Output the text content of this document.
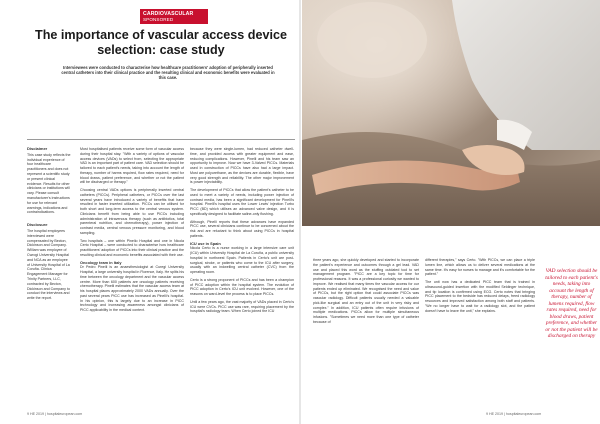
CARDIOVASCULAR
SPONSORED
The importance of vascular access device selection: case study

Interviewees were conducted to characterise how healthcare practitioners' adoption of peripherally inserted central catheters into their clinical practice and the resulting clinical and economic benefits were evaluated in this case.

Disclaimer

This case study reflects the individual experience of four healthcare practitioners and does not represent a scientific study or present clinical evidence. Results for other clinicians or institutions will vary. Please consult manufacturer's instructions for use for relevant warnings, indications and contraindications.

Disclosure

The hospital employees interviewed were compensated by Becton, Dickinson and Company. William was employee of Cwrogi University Hospital and NCA as an employee of University Hospital of La Coruña. Clinica Engagement Manager for Trinity Partners, LLC, contracted by Becton, Dickinson and Company to conduct the interviews and write the report.

Most hospitalised patients receive some form of vascular access during their hospital stay. "With a variety of options of vascular access devices (VADs) to select from, selecting the appropriate VAD is an important part of patient care. VAD selection should be tailored to each patient's needs, taking into account the length of therapy, number of harms required, flow rates required, need for blood draws, patient preference, and whether or not the patient will be discharged or therapy."

Choosing central VADs options is peripherally inserted central catheters (PICCs). Peripheral catheters, or PICCs over the last several years have introduced a variety of benefits that have resulted in faster inserted utilization. PICCs can be utilised for both short and long-term access to the central venous system. Clinicians benefit from being able to use PICCs including administration of intravenous therapy (such as antibiotics, total parenteral nutrition, and chemotherapy), power injection of contrast media, central venous pressure monitoring, and blood sampling.

Two hospitals – one within Pinello Hospital and one in Nicola Certo Hospital – were conducted to characterise how healthcare practitioners' adoption of PICCs into their clinical practice and the resulting clinical and economic benefits associated with their use.

Oncology team in Italy

Dr Pedro Pinelli is an anaesthesiologist at Curegi University Hospital, a large university hospital in Florence, Italy. He splits his time between the oncology department and the vascular access centre. More than 600 patients are oncology patients receiving chemotherapy. Pinelli estimates that the vascular access team at his hospital places approximately 2000 VADs annually. Over the past several years PICC use has increased as Pinelli's hospital. In his opinion, this is largely due to an increase in PICC technology and increasing awareness amongst clinicians of PICC applicability in the medical context.

because they were single-lumen, had reduced catheter dwell-time, and provided access with greater equipment and ease, reducing complications. However, Pinelli and his team saw an opportunity to improve. Now we have 3-Valved PICCs. Materials used in construction of PICCs have also had a large impact. Most are polyurethane, as the devices are durable, flexible, have very good strength and reliability. The other major improvement is power injectability.

The development of PICCs that allow the patient's catheter to be used to meet a variety of needs, including power injection of contrast media, has been a significant development for Pinelli's hospital. Pinelli's hospital uses the Lower Lewis' injection Turbo PICC (BD) which utilises an advanced valve design, and it is specifically designed to facilitate saline-only flushing.

Although, Pinelli reports that these advances have expanded PICC use, several clinicians continue to be concerned about the risk and are reluctant to think about using PICCs in hospital patients.

ICU use in Spain

Nicola Certo is a nurse working in a large intensive care unit (ICU) within University Hospital de La Coruña, a public university hospital in northwest Spain. Patients in Certo's unit are post-surgical, stroke, or patients who come to the ICU after surgery, usually with an indwelling central catheter (CVC) from the operating room.

Certo is a strong proponent of PICCs and has been a champion of PICC adoption within the hospital system. The evolution of PICC adoption in Certo's ICU unit evolved. However, one of the reasons on ward-level the process is to place PICCs.

Until a few years ago, the vast majority of VADs placed in Certo's ICU were CVCs. PICC use was rare, requiring placement by the hospital's radiology team. When Certo joined the ICU

9 HE 2019 | hospitaleuropean.com

three years ago, she quickly developed and started to incorporate the patient's experience and outcomes through a gel lead. VAD use and placed this word as the stuffing outdated tool to set management program. "PICC are a key topic for time for professional reasons. It was a professional curiosity we wanted to improve. We realised that many times the vascular access for our patients ended up eliminated. We recognised the need and value of PICCs, but the right option that could associate PICCs was vascular radiology. Difficult patients usually needed a valuable pick-like surgical and an entry out of the unit in very risky and complex." In addition, ICU patients often require infusions of multiple medications. PICCs allow for multiple simultaneous infusions. "Sometimes we need more than one type of catheter because of

different therapies," says Certo. "With PICCs, we can place a triple lumen line, which allows us to deliver several medications at the same time. It's easy for nurses to manage and it's comfortable for the patient."

The unit now has a dedicated PICC team that is trained in ultrasound-guided insertion with the modified Seldinger technique, and tip location is confirmed using ECG. Certo notes that bringing PICC placement to the bedside has reduced delays, freed radiology resources and improved satisfaction among both staff and patients. "We no longer have to wait for a radiology slot, and the patient doesn't have to leave the unit," she explains.

VAD selection should be tailored to each patient's needs, taking into account the length of therapy, number of lumens required, flow rates required, need for blood draws, patient preference, and whether or not the patient will be discharged on therapy

9 HE 2019 | hospitaleuropean.com
